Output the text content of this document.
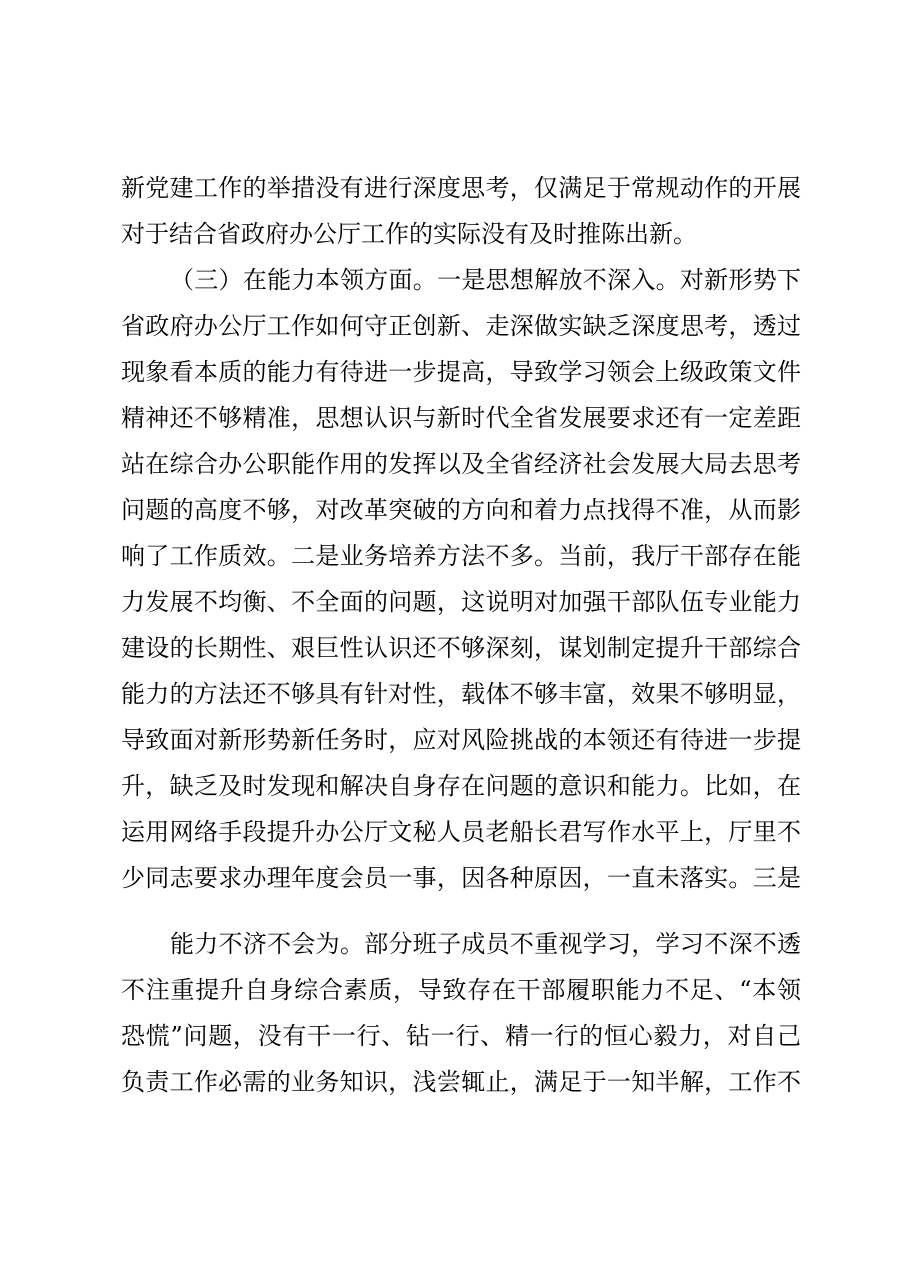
新党建工作的举措没有进行深度思考，仅满足于常规动作的开展
对于结合省政府办公厅工作的实际没有及时推陈出新。
（三）在能力本领方面。一是思想解放不深入。对新形势下
省政府办公厅工作如何守正创新、走深做实缺乏深度思考，透过
现象看本质的能力有待进一步提高，导致学习领会上级政策文件
精神还不够精准，思想认识与新时代全省发展要求还有一定差距
站在综合办公职能作用的发挥以及全省经济社会发展大局去思考
问题的高度不够，对改革突破的方向和着力点找得不准，从而影
响了工作质效。二是业务培养方法不多。当前，我厅干部存在能
力发展不均衡、不全面的问题，这说明对加强干部队伍专业能力
建设的长期性、艰巨性认识还不够深刻，谋划制定提升干部综合
能力的方法还不够具有针对性，载体不够丰富，效果不够明显，
导致面对新形势新任务时，应对风险挑战的本领还有待进一步提
升，缺乏及时发现和解决自身存在问题的意识和能力。比如，在
运用网络手段提升办公厅文秘人员老船长君写作水平上，厅里不
少同志要求办理年度会员一事，因各种原因，一直未落实。三是
能力不济不会为。部分班子成员不重视学习，学习不深不透
不注重提升自身综合素质，导致存在干部履职能力不足、“本领
恐慌”问题，没有干一行、钻一行、精一行的恒心毅力，对自己
负责工作必需的业务知识，浅尝辄止，满足于一知半解，工作不
